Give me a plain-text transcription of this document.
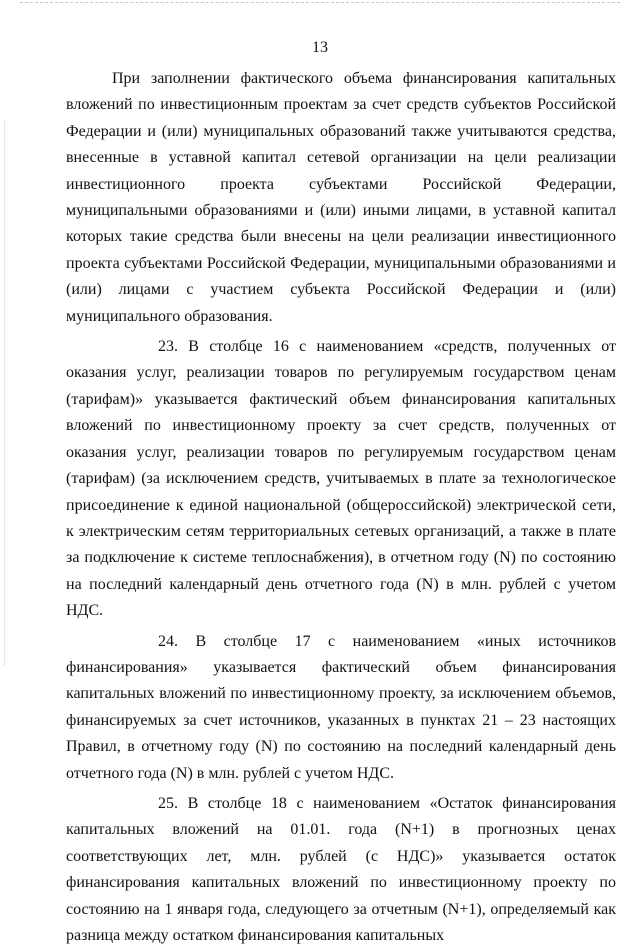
13

При заполнении фактического объема финансирования капитальных вложений по инвестиционным проектам за счет средств субъектов Российской Федерации и (или) муниципальных образований также учитываются средства, внесенные в уставной капитал сетевой организации на цели реализации инвестиционного проекта субъектами Российской Федерации, муниципальными образованиями и (или) иными лицами, в уставной капитал которых такие средства были внесены на цели реализации инвестиционного проекта субъектами Российской Федерации, муниципальными образованиями и (или) лицами с участием субъекта Российской Федерации и (или) муниципального образования.

23. В столбце 16 с наименованием «средств, полученных от оказания услуг, реализации товаров по регулируемым государством ценам (тарифам)» указывается фактический объем финансирования капитальных вложений по инвестиционному проекту за счет средств, полученных от оказания услуг, реализации товаров по регулируемым государством ценам (тарифам) (за исключением средств, учитываемых в плате за технологическое присоединение к единой национальной (общероссийской) электрической сети, к электрическим сетям территориальных сетевых организаций, а также в плате за подключение к системе теплоснабжения), в отчетном году (N) по состоянию на последний календарный день отчетного года (N) в млн. рублей с учетом НДС.

24. В столбце 17 с наименованием «иных источников финансирования» указывается фактический объем финансирования капитальных вложений по инвестиционному проекту, за исключением объемов, финансируемых за счет источников, указанных в пунктах 21 – 23 настоящих Правил, в отчетному году (N) по состоянию на последний календарный день отчетного года (N) в млн. рублей с учетом НДС.

25. В столбце 18 с наименованием «Остаток финансирования капитальных вложений на 01.01. года (N+1) в прогнозных ценах соответствующих лет, млн. рублей (с НДС)» указывается остаток финансирования капитальных вложений по инвестиционному проекту по состоянию на 1 января года, следующего за отчетным (N+1), определяемый как разница между остатком финансирования капитальных
